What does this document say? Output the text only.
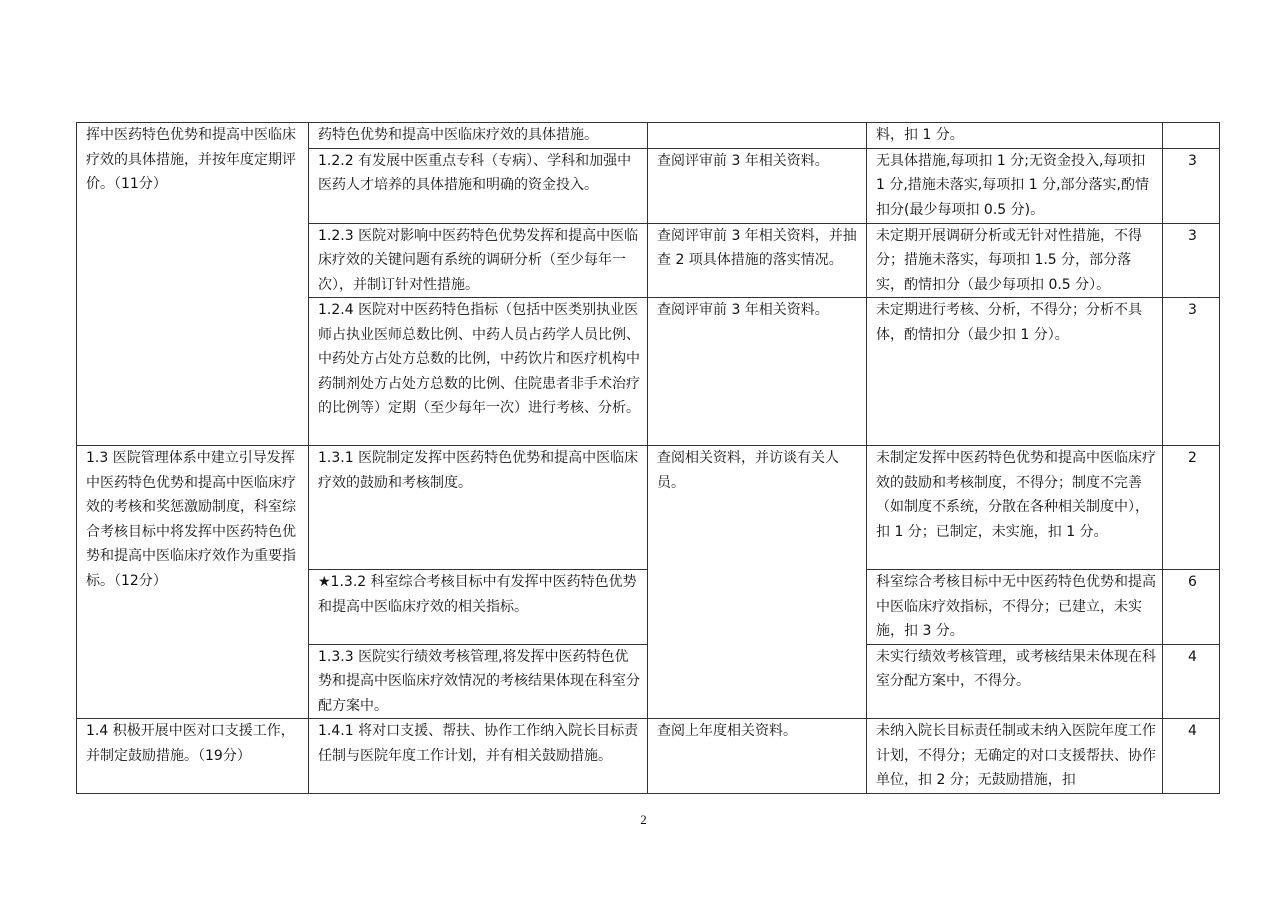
挥中医药特色优势和提高中医临床疗效的具体措施，并按年度定期评价。（11分）	药特色优势和提高中医临床疗效的具体措施。		料，扣 1 分。	
	1.2.2 有发展中医重点专科（专病）、学科和加强中医药人才培养的具体措施和明确的资金投入。	查阅评审前 3 年相关资料。	无具体措施,每项扣 1 分;无资金投入,每项扣 1 分,措施未落实,每项扣 1 分,部分落实,酌情扣分(最少每项扣 0.5 分)。	3
	1.2.3 医院对影响中医药特色优势发挥和提高中医临床疗效的关键问题有系统的调研分析（至少每年一次），并制订针对性措施。	查阅评审前 3 年相关资料，并抽查 2 项具体措施的落实情况。	未定期开展调研分析或无针对性措施，不得分；措施未落实，每项扣 1.5 分，部分落实，酌情扣分（最少每项扣 0.5 分）。	3
	1.2.4 医院对中医药特色指标（包括中医类别执业医师占执业医师总数比例、中药人员占药学人员比例、中药处方占处方总数的比例，中药饮片和医疗机构中药制剂处方占处方总数的比例、住院患者非手术治疗的比例等）定期（至少每年一次）进行考核、分析。	查阅评审前 3 年相关资料。	未定期进行考核、分析，不得分；分析不具体，酌情扣分（最少扣 1 分）。	3
1.3 医院管理体系中建立引导发挥中医药特色优势和提高中医临床疗效的考核和奖惩激励制度，科室综合考核目标中将发挥中医药特色优势和提高中医临床疗效作为重要指标。（12分）	1.3.1 医院制定发挥中医药特色优势和提高中医临床疗效的鼓励和考核制度。	查阅相关资料，并访谈有关人员。	未制定发挥中医药特色优势和提高中医临床疗效的鼓励和考核制度，不得分；制度不完善（如制度不系统，分散在各种相关制度中），扣 1 分；已制定，未实施，扣 1 分。	2
	★1.3.2 科室综合考核目标中有发挥中医药特色优势和提高中医临床疗效的相关指标。		科室综合考核目标中无中医药特色优势和提高中医临床疗效指标，不得分；已建立，未实施，扣 3 分。	6
	1.3.3 医院实行绩效考核管理,将发挥中医药特色优势和提高中医临床疗效情况的考核结果体现在科室分配方案中。		未实行绩效考核管理，或考核结果未体现在科室分配方案中，不得分。	4
1.4 积极开展中医对口支援工作，并制定鼓励措施。（19分）	1.4.1 将对口支援、帮扶、协作工作纳入院长目标责任制与医院年度工作计划，并有相关鼓励措施。	查阅上年度相关资料。	未纳入院长目标责任制或未纳入医院年度工作计划，不得分；无确定的对口支援帮扶、协作单位，扣 2 分；无鼓励措施，扣	4
2
